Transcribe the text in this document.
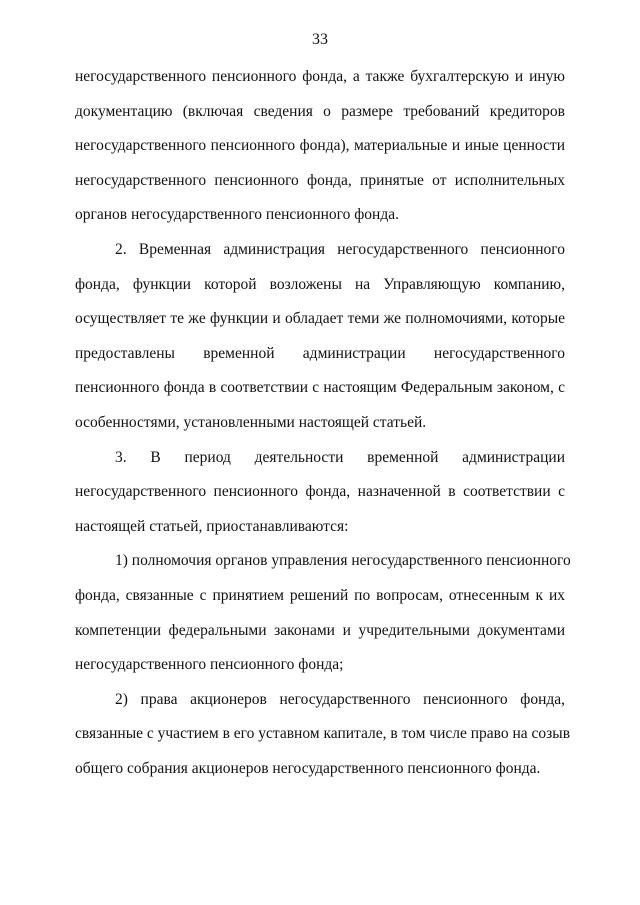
33
негосударственного пенсионного фонда, а также бухгалтерскую и иную
документацию (включая сведения о размере требований кредиторов
негосударственного пенсионного фонда), материальные и иные ценности
негосударственного пенсионного фонда, принятые от исполнительных
органов негосударственного пенсионного фонда.
2. Временная администрация негосударственного пенсионного
фонда, функции которой возложены на Управляющую компанию,
осуществляет те же функции и обладает теми же полномочиями, которые
предоставлены временной администрации негосударственного
пенсионного фонда в соответствии с настоящим Федеральным законом, с
особенностями, установленными настоящей статьей.
3. В период деятельности временной администрации
негосударственного пенсионного фонда, назначенной в соответствии с
настоящей статьей, приостанавливаются:
1) полномочия органов управления негосударственного пенсионного
фонда, связанные с принятием решений по вопросам, отнесенным к их
компетенции федеральными законами и учредительными документами
негосударственного пенсионного фонда;
2) права акционеров негосударственного пенсионного фонда,
связанные с участием в его уставном капитале, в том числе право на созыв
общего собрания акционеров негосударственного пенсионного фонда.
